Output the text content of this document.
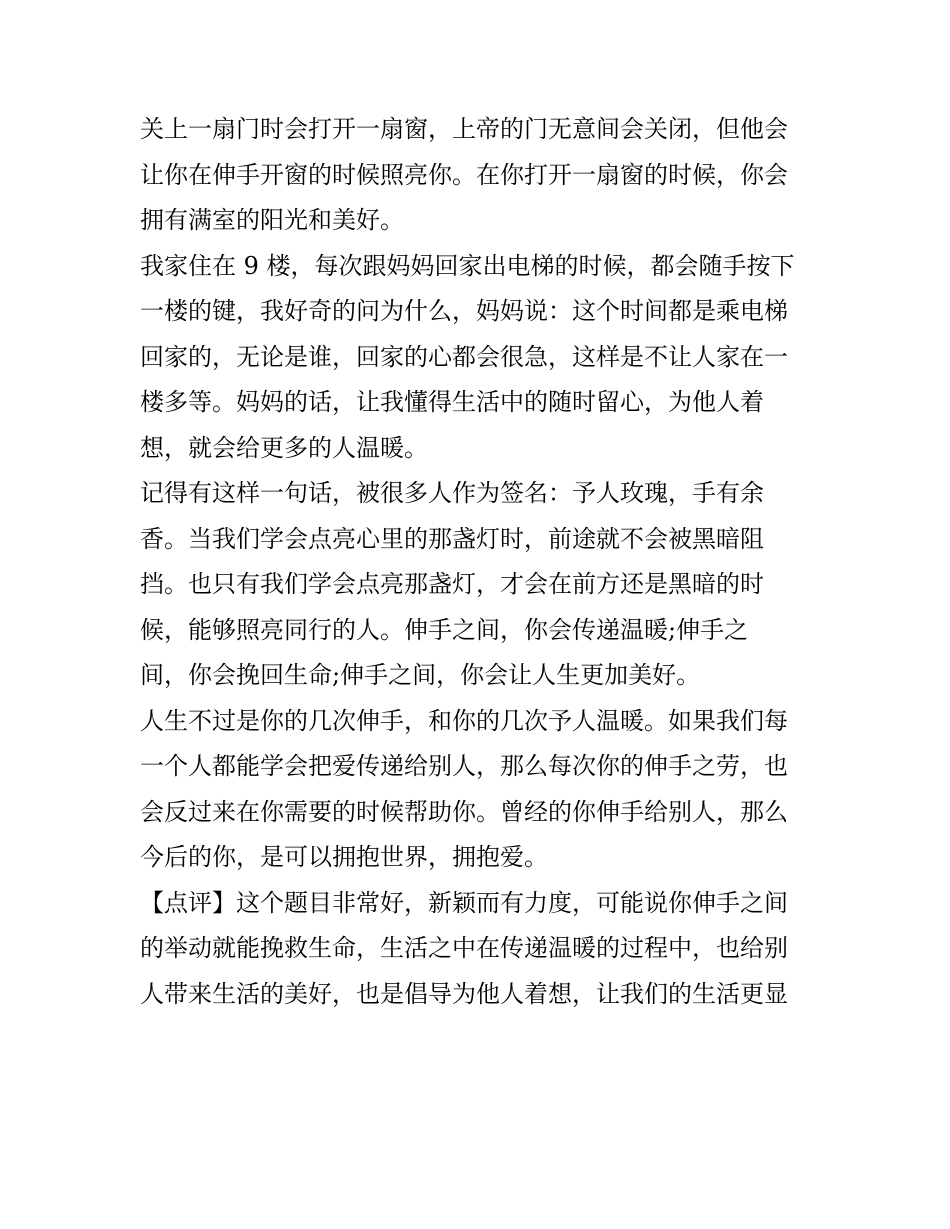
关上一扇门时会打开一扇窗，上帝的门无意间会关闭，但他会
让你在伸手开窗的时候照亮你。在你打开一扇窗的时候，你会
拥有满室的阳光和美好。
我家住在 9 楼，每次跟妈妈回家出电梯的时候，都会随手按下
一楼的键，我好奇的问为什么，妈妈说：这个时间都是乘电梯
回家的，无论是谁，回家的心都会很急，这样是不让人家在一
楼多等。妈妈的话，让我懂得生活中的随时留心，为他人着
想，就会给更多的人温暖。
记得有这样一句话，被很多人作为签名：予人玫瑰，手有余
香。当我们学会点亮心里的那盏灯时，前途就不会被黑暗阻
挡。也只有我们学会点亮那盏灯，才会在前方还是黑暗的时
候，能够照亮同行的人。伸手之间，你会传递温暖;伸手之
间，你会挽回生命;伸手之间，你会让人生更加美好。
人生不过是你的几次伸手，和你的几次予人温暖。如果我们每
一个人都能学会把爱传递给别人，那么每次你的伸手之劳，也
会反过来在你需要的时候帮助你。曾经的你伸手给别人，那么
今后的你，是可以拥抱世界，拥抱爱。
【点评】这个题目非常好，新颖而有力度，可能说你伸手之间
的举动就能挽救生命，生活之中在传递温暖的过程中，也给别
人带来生活的美好，也是倡导为他人着想，让我们的生活更显
